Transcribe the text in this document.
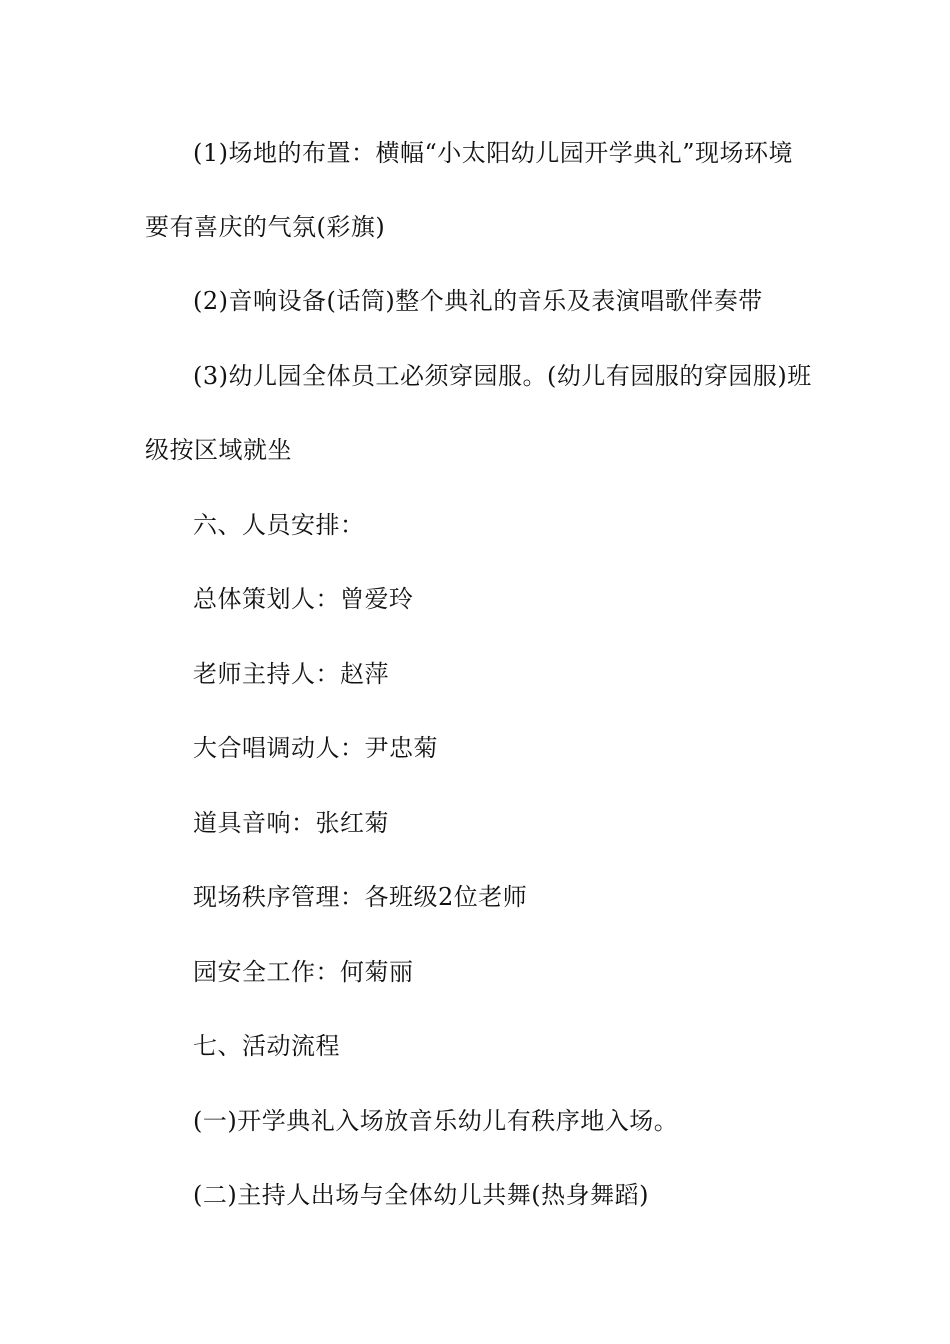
(1)场地的布置：横幅“小太阳幼儿园开学典礼”现场环境
要有喜庆的气氛(彩旗)
(2)音响设备(话筒)整个典礼的音乐及表演唱歌伴奏带
(3)幼儿园全体员工必须穿园服。(幼儿有园服的穿园服)班
级按区域就坐
六、人员安排：
总体策划人：曾爱玲
老师主持人：赵萍
大合唱调动人：尹忠菊
道具音响：张红菊
现场秩序管理：各班级2位老师
园安全工作：何菊丽
七、活动流程
(一)开学典礼入场放音乐幼儿有秩序地入场。
(二)主持人出场与全体幼儿共舞(热身舞蹈)
